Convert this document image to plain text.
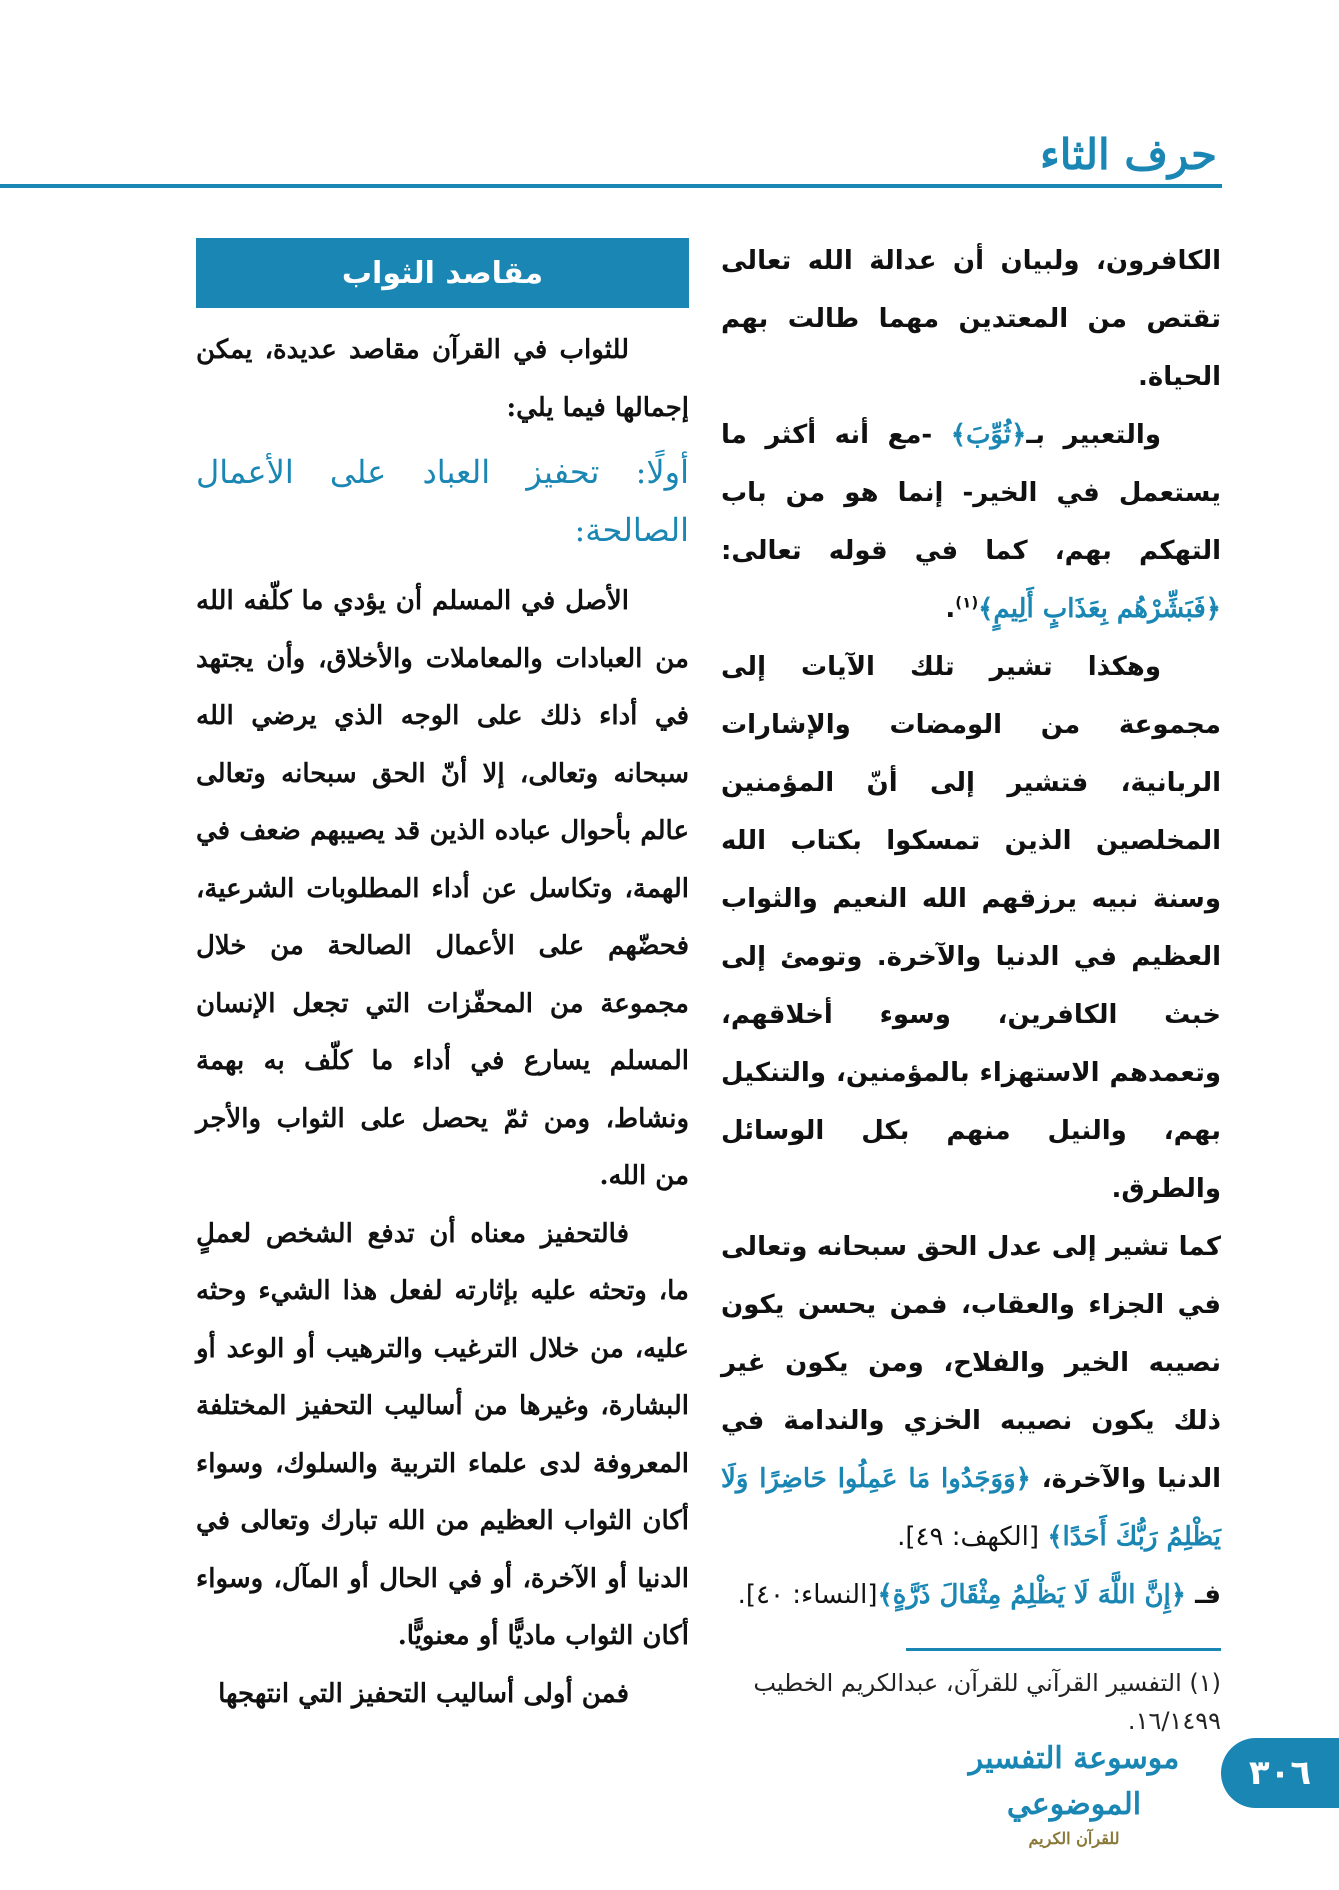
حرف الثاء

الكافرون، ولبيان أن عدالة الله تعالى تقتص من المعتدين مهما طالت بهم الحياة.

والتعبير بـ﴿ثُوِّبَ﴾ -مع أنه أكثر ما يستعمل في الخير- إنما هو من باب التهكم بهم، كما في قوله تعالى: ﴿فَبَشِّرْهُم بِعَذَابٍ أَلِيمٍ﴾$^{(١)}$.

وهكذا تشير تلك الآيات إلى مجموعة من الومضات والإشارات الربانية، فتشير إلى أنّ المؤمنين المخلصين الذين تمسكوا بكتاب الله وسنة نبيه يرزقهم الله النعيم والثواب العظيم في الدنيا والآخرة. وتومئ إلى خبث الكافرين، وسوء أخلاقهم، وتعمدهم الاستهزاء بالمؤمنين، والتنكيل بهم، والنيل منهم بكل الوسائل والطرق.

كما تشير إلى عدل الحق سبحانه وتعالى في الجزاء والعقاب، فمن يحسن يكون نصيبه الخير والفلاح، ومن يكون غير ذلك يكون نصيبه الخزي والندامة في الدنيا والآخرة، ﴿وَوَجَدُوا مَا عَمِلُوا حَاضِرًا وَلَا يَظْلِمُ رَبُّكَ أَحَدًا﴾ [الكهف: ٤٩].

فـ ﴿إِنَّ اللَّهَ لَا يَظْلِمُ مِثْقَالَ ذَرَّةٍ﴾[النساء: ٤٠].

مقاصد الثواب

للثواب في القرآن مقاصد عديدة، يمكن إجمالها فيما يلي:

أولًا: تحفيز العباد على الأعمال الصالحة:

الأصل في المسلم أن يؤدي ما كلّفه الله من العبادات والمعاملات والأخلاق، وأن يجتهد في أداء ذلك على الوجه الذي يرضي الله سبحانه وتعالى، إلا أنّ الحق سبحانه وتعالى عالم بأحوال عباده الذين قد يصيبهم ضعف في الهمة، وتكاسل عن أداء المطلوبات الشرعية، فحضّهم على الأعمال الصالحة من خلال مجموعة من المحفّزات التي تجعل الإنسان المسلم يسارع في أداء ما كلّف به بهمة ونشاط، ومن ثمّ يحصل على الثواب والأجر من الله.

فالتحفيز معناه أن تدفع الشخص لعملٍ ما، وتحثه عليه بإثارته لفعل هذا الشيء وحثه عليه، من خلال الترغيب والترهيب أو الوعد أو البشارة، وغيرها من أساليب التحفيز المختلفة المعروفة لدى علماء التربية والسلوك، وسواء أكان الثواب العظيم من الله تبارك وتعالى في الدنيا أو الآخرة، أو في الحال أو المآل، وسواء أكان الثواب ماديًّا أو معنويًّا.

فمن أولى أساليب التحفيز التي انتهجها	(١) التفسير القرآني للقرآن، عبدالكريم الخطيب ١٦/١٤٩٩.
موسوعة التفسير الموضوعي
للقرآن الكريم
٣٠٦
